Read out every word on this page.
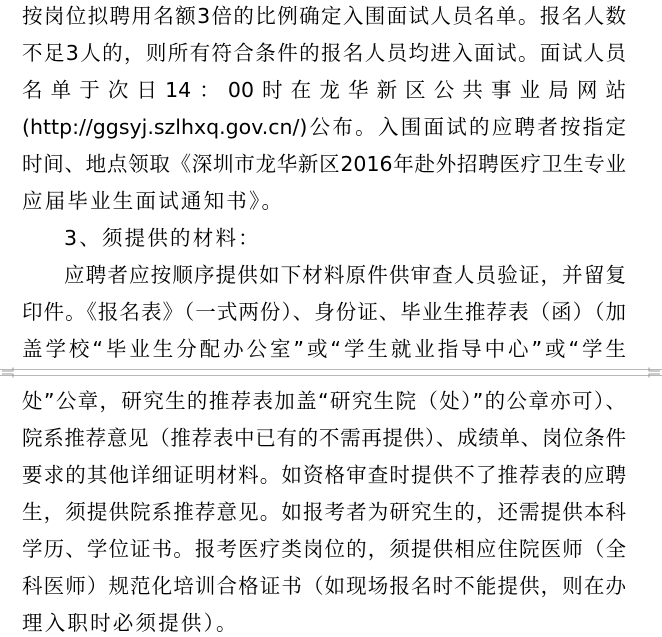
按岗位拟聘用名额3倍的比例确定入围面试人员名单。报名人数
不足3人的，则所有符合条件的报名人员均进入面试。面试人员
名单于次日14：00时在龙华新区公共事业局网站
(http://ggsyj.szlhxq.gov.cn/)公布。入围面试的应聘者按指定
时间、地点领取《深圳市龙华新区2016年赴外招聘医疗卫生专业
应届毕业生面试通知书》。
3、须提供的材料：
应聘者应按顺序提供如下材料原件供审查人员验证，并留复
印件。《报名表》（一式两份）、身份证、毕业生推荐表（函）（加
盖学校“毕业生分配办公室”或“学生就业指导中心”或“学生
处”公章，研究生的推荐表加盖“研究生院（处）”的公章亦可）、
院系推荐意见（推荐表中已有的不需再提供）、成绩单、岗位条件
要求的其他详细证明材料。如资格审查时提供不了推荐表的应聘
生，须提供院系推荐意见。如报考者为研究生的，还需提供本科
学历、学位证书。报考医疗类岗位的，须提供相应住院医师（全
科医师）规范化培训合格证书（如现场报名时不能提供，则在办
理入职时必须提供）。
